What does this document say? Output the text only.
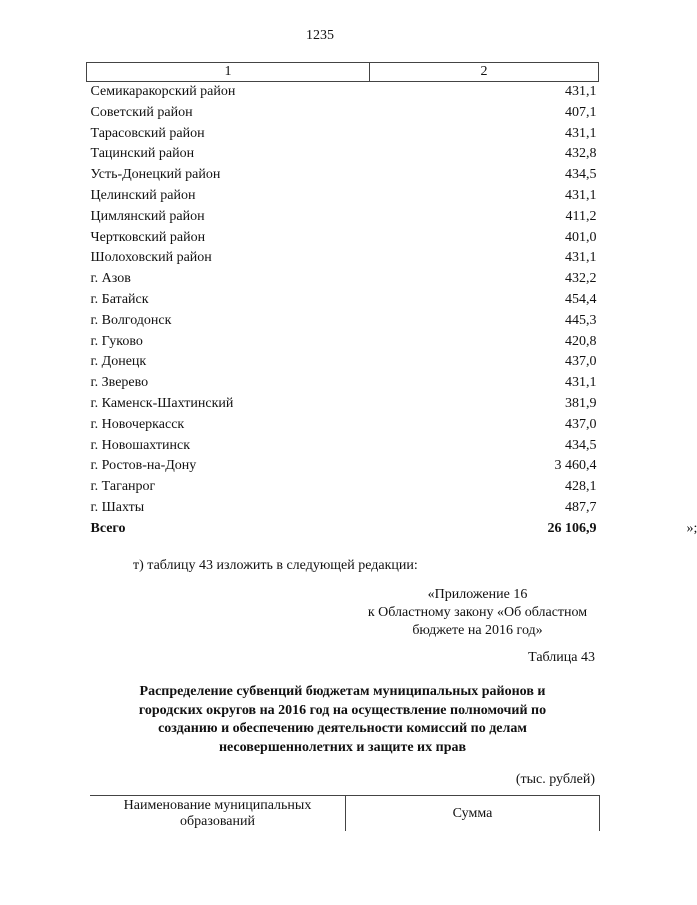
1235
1	2
Семикаракорский район	431,1
Советский район	407,1
Тарасовский район	431,1
Тацинский район	432,8
Усть-Донецкий район	434,5
Целинский район	431,1
Цимлянский район	411,2
Чертковский район	401,0
Шолоховский район	431,1
г. Азов	432,2
г. Батайск	454,4
г. Волгодонск	445,3
г. Гуково	420,8
г. Донецк	437,0
г. Зверево	431,1
г. Каменск-Шахтинский	381,9
г. Новочеркасск	437,0
г. Новошахтинск	434,5
г. Ростов-на-Дону	3 460,4
г. Таганрог	428,1
г. Шахты	487,7
Всего	26 106,9 »;
т) таблицу 43 изложить в следующей редакции:
«Приложение 16
к Областному закону «Об областном
бюджете на 2016 год»
Таблица 43
Распределение субвенций бюджетам муниципальных районов и
городских округов на 2016 год на осуществление полномочий по
созданию и обеспечению деятельности комиссий по делам
несовершеннолетних и защите их прав
(тыс. рублей)
Наименование муниципальных
образований
	Сумма
